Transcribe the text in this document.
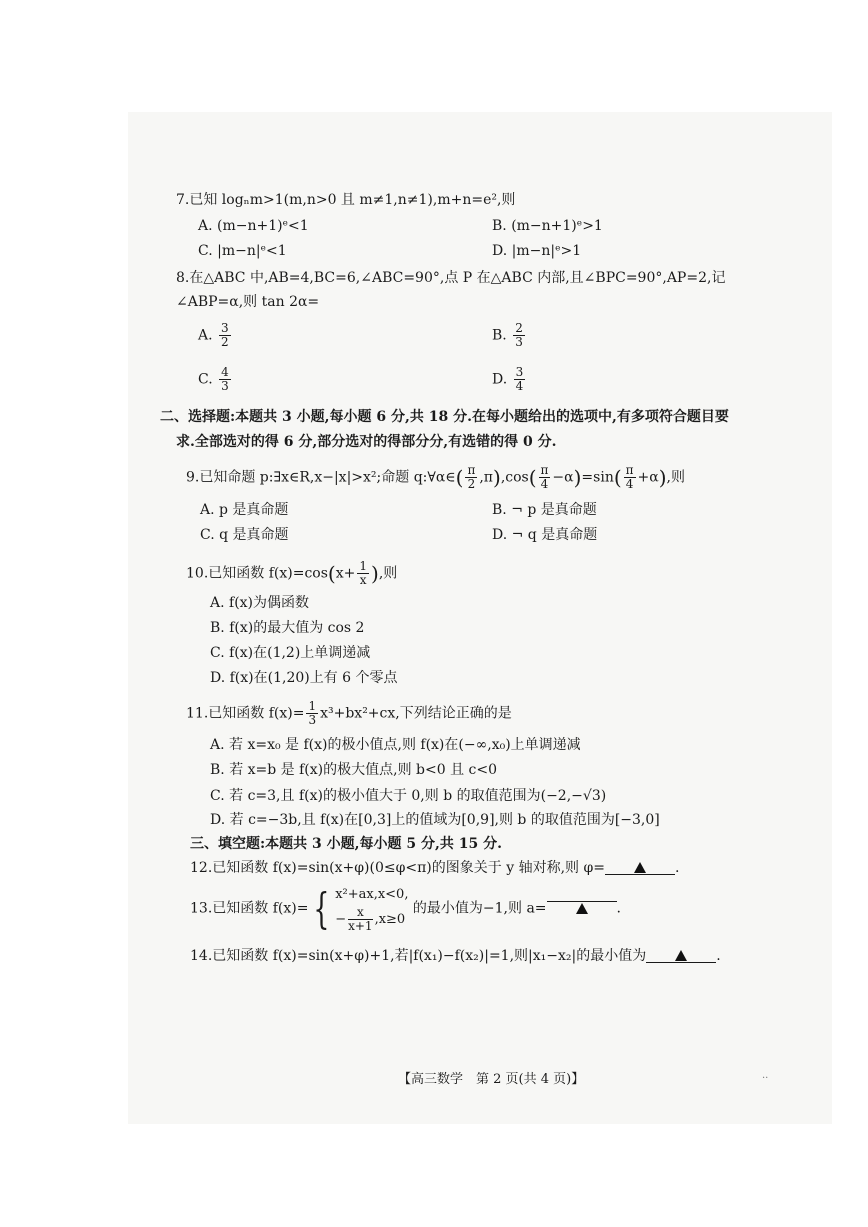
7.已知 logₙm>1(m,n>0 且 m≠1,n≠1),m+n=e²,则
A. (m−n+1)ᵉ<1	B. (m−n+1)ᵉ>1
C. |m−n|ᵉ<1	D. |m−n|ᵉ>1
8.在△ABC 中,AB=4,BC=6,∠ABC=90°,点 P 在△ABC 内部,且∠BPC=90°,AP=2,记
∠ABP=α,则 tan 2α=
A. $\frac{3}{2}$	B. $\frac{2}{3}$
C. $\frac{4}{3}$	D. $\frac{3}{4}$
二、选择题:本题共 3 小题,每小题 6 分,共 18 分.在每小题给出的选项中,有多项符合题目要
求.全部选对的得 6 分,部分选对的得部分分,有选错的得 0 分.
9.已知命题 p:∃x∈R,x−|x|>x²;命题 q:∀α∈( $\frac{\pi}{2} ,\pi),\cos( \frac{\pi}{4} -\alpha)=\sin( \frac{\pi}{4} +\alpha)$,则
A. p 是真命题	B. ¬ p 是真命题
C. q 是真命题	D. ¬ q 是真命题
10.已知函数 $f(x)=\cos(x+ \frac{1}{x}$ ),则
A. f(x)为偶函数
B. f(x)的最大值为 cos 2
C. f(x)在(1,2)上单调递减
D. f(x)在(1,20)上有 6 个零点
11.已知函数 $f(x)= \frac{1}{3} x^3+bx^2+cx$,下列结论正确的是
A. 若 x=x₀ 是 f(x)的极小值点,则 f(x)在(−∞,x₀)上单调递减
B. 若 x=b 是 f(x)的极大值点,则 b<0 且 c<0
C. 若 c=3,且 f(x)的极小值大于 0,则 b 的取值范围为(−2,−√3)
D. 若 c=−3b,且 f(x)在[0,3]上的值域为[0,9],则 b 的取值范围为[−3,0]
三、填空题:本题共 3 小题,每小题 5 分,共 15 分.
12.已知函数 f(x)=sin(x+φ)(0≤φ<π)的图象关于 y 轴对称,则 φ=	.
13.已知函数 f(x)= { x²+ax,x<0,
− $\frac{x}{x+1} ,x\ge 0$
的最小值为−1,则 a=	.
14.已知函数 f(x)=sin(x+φ)+1,若|f(x₁)−f(x₂)|=1,则|x₁−x₂|的最小值为	.
【高三数学　第 2 页(共 4 页)】	..
